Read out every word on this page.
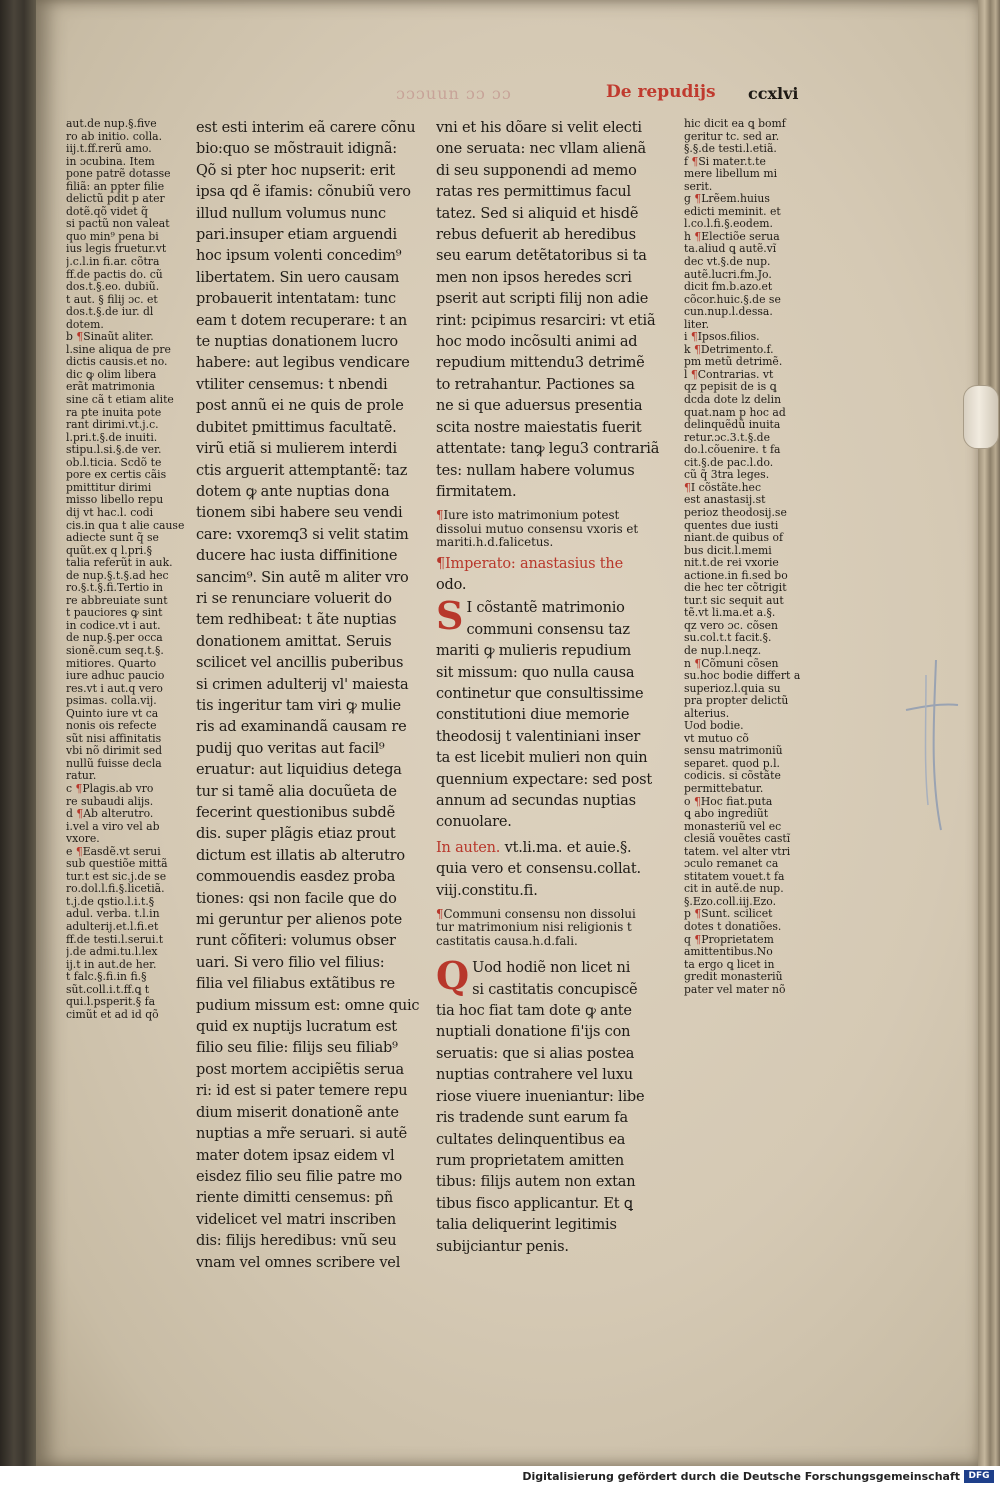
ɔɔɔuun ɔɔ ɔɔ	De repudijs ccxlvi

aut.de nup.§.five

ro ab initio. colla.

iij.t.ff.rerũ amo.

in ɔcubina. Item

pone patrẽ dotasse

filiã: an ppter filie

delictũ pdit p ater

dotẽ.qõ videt q̃

si pactũ non valeat

quo min⁹ pena bi

ius legis fruetur.vt

j.c.l.in fi.ar. cõtra

ff.de pactis do. cũ

dos.t.§.eo. dubiũ.

t aut. § filij ɔc. et

dos.t.§.de iur. dl

dotem.

b ¶Sinaũt aliter.

l.sine aliqua de pre

dictis causis.et no.

dic ꝙ olim libera

erãt matrimonia

sine cã t etiam alite

ra pte inuita pote

rant dirimi.vt.j.c.

l.pri.t.§.de inuiti.

stipu.l.si.§.de ver.

ob.l.ticia. Scdõ te

pore ex certis cãis

pmittitur dirimi

misso libello repu

dij vt hac.l. codi

cis.in qua t alie cause

adiecte sunt q̃ se

quũt.ex q l.pri.§

talia referũt in auk.

de nup.§.t.§.ad hec

ro.§.t.§.fi.Tertio in

re abbreuiate sunt

t pauciores ꝙ sint

in codice.vt i aut.

de nup.§.per occa

sionẽ.cum seq.t.§.

mitiores. Quarto

iure adhuc paucio

res.vt i aut.q vero

psimas. colla.vij.

Quinto iure vt ca

nonis ois refecte

sũt nisi affinitatis

vbi nõ dirimit sed

nullũ fuisse decla

ratur.

c ¶Plagis.ab vro

re subaudi alijs.

d ¶Ab alterutro.

i.vel a viro vel ab

vxore.

e ¶Easdẽ.vt serui

sub questiõe mittã

tur.t est sic.j.de se

ro.dol.l.fi.§.licetiã.

t.j.de qstio.l.i.t.§

adul. verba. t.l.in

adulterij.et.l.fi.et

ff.de testi.l.serui.t

j.de admi.tu.l.lex

ij.t in aut.de her.

t falc.§.fi.in fi.§

sũt.coll.i.t.ff.ꝗ t

qui.l.psperit.§ fa

cimũt et ad id qõ

est esti interim eã carere cõnu

bio:quo se mõstrauit idignã:

Qõ si pter hoc nupserit: erit

ipsa qd ẽ ifamis: cõnubiũ vero

illud nullum volumus nunc

pari.insuper etiam arguendi

hoc ipsum volenti concedim⁹

libertatem. Sin uero causam

probauerit intentatam: tunc

eam t dotem recuperare: t an

te nuptias donationem lucro

habere: aut legibus vendicare

vtiliter censemus: t nbendi

post annũ ei ne quis de prole

dubitet pmittimus facultatẽ.

virũ etiã si mulierem interdi

ctis arguerit attemptantẽ: taz

dotem ꝙ ante nuptias dona

tionem sibi habere seu vendi

care: vxoremq3 si velit statim

ducere hac iusta diffinitione

sancim⁹. Sin autẽ m aliter vro

ri se renunciare voluerit do

tem redhibeat: t ãte nuptias

donationem amittat. Seruis

scilicet vel ancillis puberibus

si crimen adulterij vl' maiesta

tis ingeritur tam viri ꝙ mulie

ris ad examinandã causam re

pudij quo veritas aut facil⁹

eruatur: aut liquidius detega

tur si tamẽ alia docuũeta de

fecerint questionibus subdẽ

dis. super plãgis etiaz prout

dictum est illatis ab alterutro

commouendis easdez proba

tiones: qsi non facile que do

mi geruntur per alienos pote

runt cõfiteri: volumus obser

uari. Si vero filio vel filius:

filia vel filiabus extãtibus re

pudium missum est: omne quic

quid ex nuptijs lucratum est

filio seu filie: filijs seu filiab⁹

post mortem accipiẽtis serua

ri: id est si pater temere repu

dium miserit donationẽ ante

nuptias a mr̃e seruari. si autẽ

mater dotem ipsaz eidem vl

eisdez filio seu filie patre mo

riente dimitti censemus: pñ

videlicet vel matri inscriben

dis: filijs heredibus: vnũ seu

vnam vel omnes scribere vel

vni et his dõare si velit electi

one seruata: nec vllam alienã

di seu supponendi ad memo

ratas res permittimus facul

tatez. Sed si aliquid et hisdẽ

rebus defuerit ab heredibus

seu earum detẽtatoribus si ta

men non ipsos heredes scri

pserit aut scripti filij non adie

rint: pcipimus resarciri: vt etiã

hoc modo incõsulti animi ad

repudium mittendu3 detrimẽ

to retrahantur. Pactiones sa

ne si que aduersus presentia

scita nostre maiestatis fuerit

attentate: tanꝙ legu3 contrariã

tes: nullam habere volumus

firmitatem.

¶Iure isto matrimonium potest

dissolui mutuo consensu vxoris et

mariti.h.d.falicetus.

¶Imperato: anastasius the

odo.

S I cõstantẽ matrimonio

communi consensu taz

mariti ꝙ mulieris repudium

sit missum: quo nulla causa

continetur que consultissime

constitutioni diue memorie

theodosij t valentiniani inser

ta est licebit mulieri non quin

quennium expectare: sed post

annum ad secundas nuptias

conuolare.

In auten. vt.li.ma. et auie.§.

quia vero et consensu.collat.

viij.constitu.fi.

¶Communi consensu non dissolui

tur matrimonium nisi religionis t

castitatis causa.h.d.fali.

Q Uod hodiẽ non licet ni

si castitatis concupiscẽ

tia hoc fiat tam dote ꝙ ante

nuptiali donatione fi'ijs con

seruatis: que si alias postea

nuptias contrahere vel luxu

riose viuere inueniantur: libe

ris tradende sunt earum fa

cultates delinquentibus ea

rum proprietatem amitten

tibus: filijs autem non extan

tibus fisco applicantur. Et ꝗ

talia deliquerint legitimis

subijciantur penis.

hic dicit ea ꝗ bomf

geritur tc. sed ar.

§.§.de testi.l.etiã.

f ¶Si mater.t.te

mere libellum mi

serit.

g ¶Lrẽem.huius

edicti meminit. et

l.co.l.fi.§.eodem.

h ¶Electiõe serua

ta.aliud ꝗ autẽ.vĩ

dec vt.§.de nup.

autẽ.lucri.fm.Jo.

dicit fm.b.azo.et

cõcor.huic.§.de se

cun.nup.l.dessa.

liter.

i ¶Ipsos.filios.

k ¶Detrimento.f.

pm metũ detrimẽ.

l ¶Contrarias. vt

qz pepisit de is ꝗ

dcda dote lz delin

quat.nam p hoc ad

delinquẽdũ inuita

retur.ɔc.3.t.§.de

do.l.cõuenire. t fa

cit.§.de pac.l.do.

cũ q̃ 3tra leges.

¶I cõstãte.hec

est anastasij.st

perioz theodosij.se

quentes due iusti

niant.de quibus of

bus dicit.l.memi

nit.t.de rei vxorie

actione.in fi.sed bo

die hec ter cõtrigit

tur.t sic sequit aut

tẽ.vt li.ma.et a.§.

qz vero ɔc. cõsen

su.col.t.t facit.§.

de nup.l.neqz.

n ¶Cõmuni cõsen

su.hoc bodie differt a

superioz.l.quia su

pra propter delictũ

alterius.

Uod bodie.

vt mutuo cõ

sensu matrimoniũ

separet. quod p.l.

codicis. si cõstãte

permittebatur.

o ¶Hoc fiat.puta

ꝗ abo ingrediũt

monasteriũ vel ec

clesiã vouẽtes castĩ

tatem. vel alter vtri

ɔculo remanet ca

stitatem vouet.t fa

cit in autẽ.de nup.

§.Ezo.coll.iij.Ezo.

p ¶Sunt. scilicet

dotes t donatiões.

q ¶Proprietatem

amittentibus.No

ta ergo ꝗ licet in

gredit monasteriũ

pater vel mater nõ

Digitalisierung gefördert durch die Deutsche Forschungsgemeinschaft DFG
